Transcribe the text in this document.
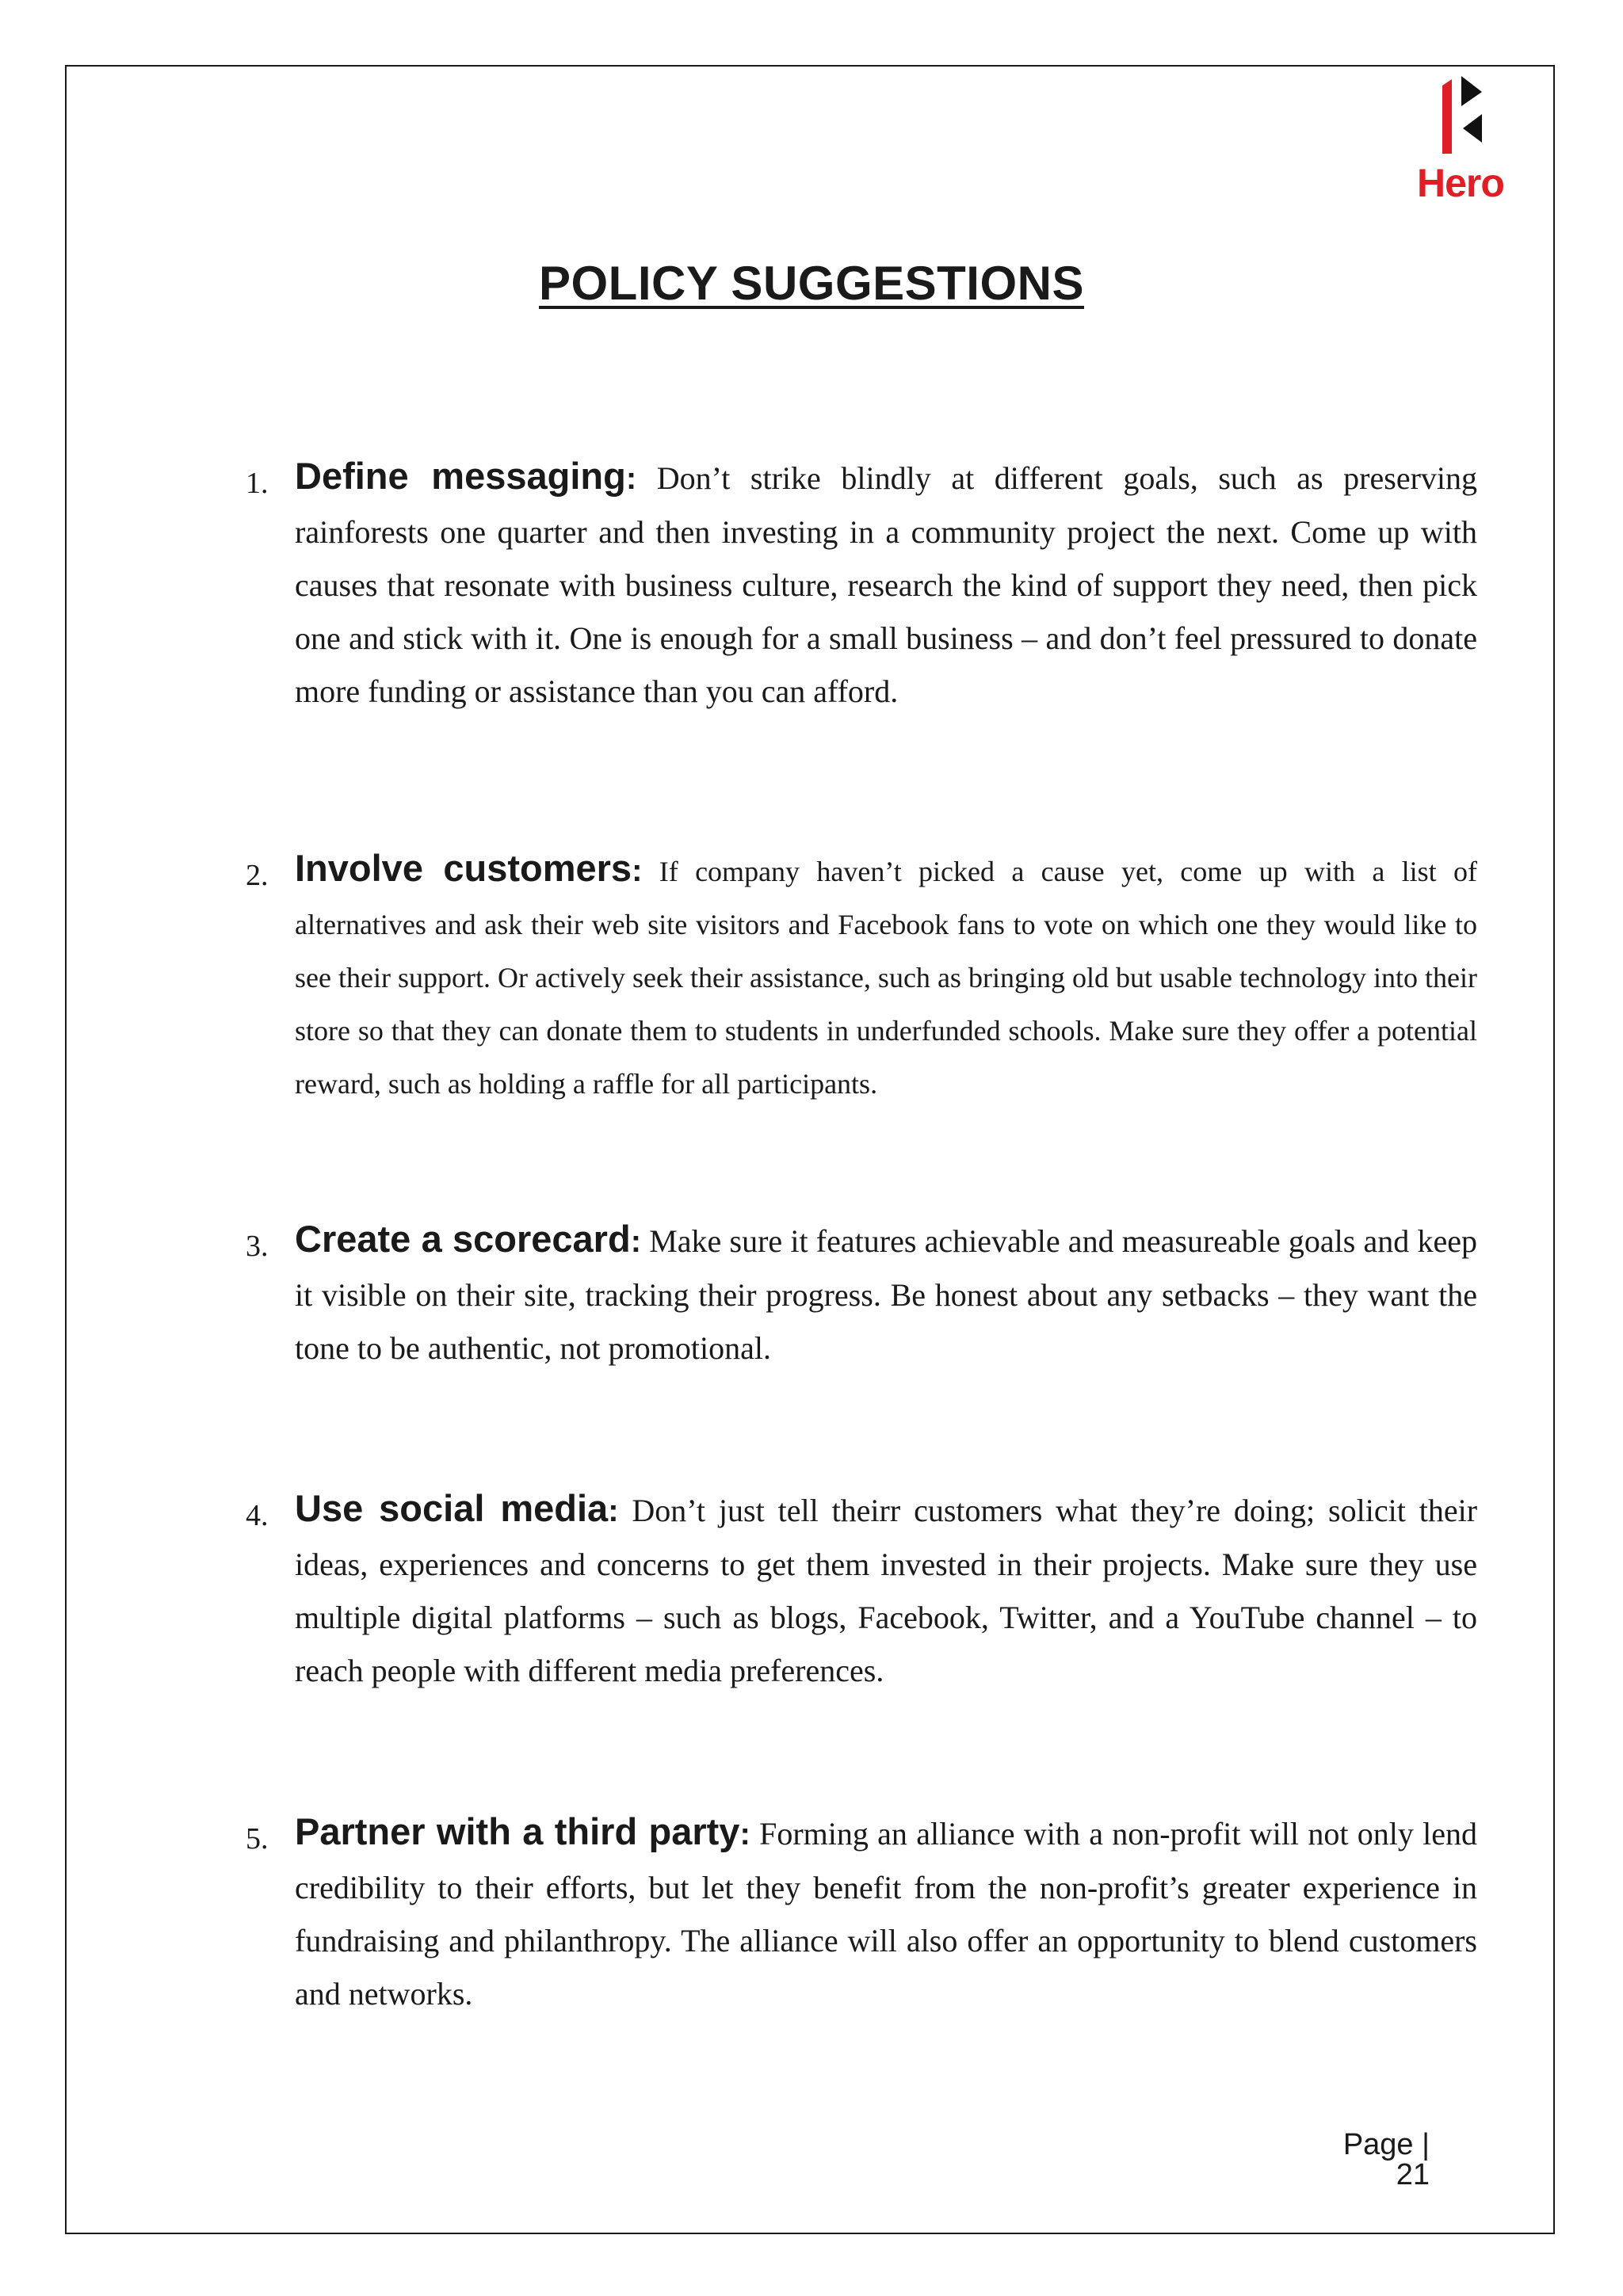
Hero
POLICY SUGGESTIONS
1. Define messaging: Don’t strike blindly at different goals, such as preserving rainforests one quarter and then investing in a community project the next. Come up with causes that resonate with business culture, research the kind of support they need, then pick one and stick with it. One is enough for a small business – and don’t feel pressured to donate more funding or assistance than you can afford.

2. Involve customers: If company haven’t picked a cause yet, come up with a list of alternatives and ask their web site visitors and Facebook fans to vote on which one they would like to see their support. Or actively seek their assistance, such as bringing old but usable technology into their store so that they can donate them to students in underfunded schools. Make sure they offer a potential reward, such as holding a raffle for all participants.

3. Create a scorecard: Make sure it features achievable and measureable goals and keep it visible on their site, tracking their progress. Be honest about any setbacks – they want the tone to be authentic, not promotional.

4. Use social media: Don’t just tell theirr customers what they’re doing; solicit their ideas, experiences and concerns to get them invested in their projects. Make sure they use multiple digital platforms – such as blogs, Facebook, Twitter, and a YouTube channel – to reach people with different media preferences.

5. Partner with a third party: Forming an alliance with a non-profit will not only lend credibility to their efforts, but let they benefit from the non-profit’s greater experience in fundraising and philanthropy. The alliance will also offer an opportunity to blend customers and networks.

Page | 21
